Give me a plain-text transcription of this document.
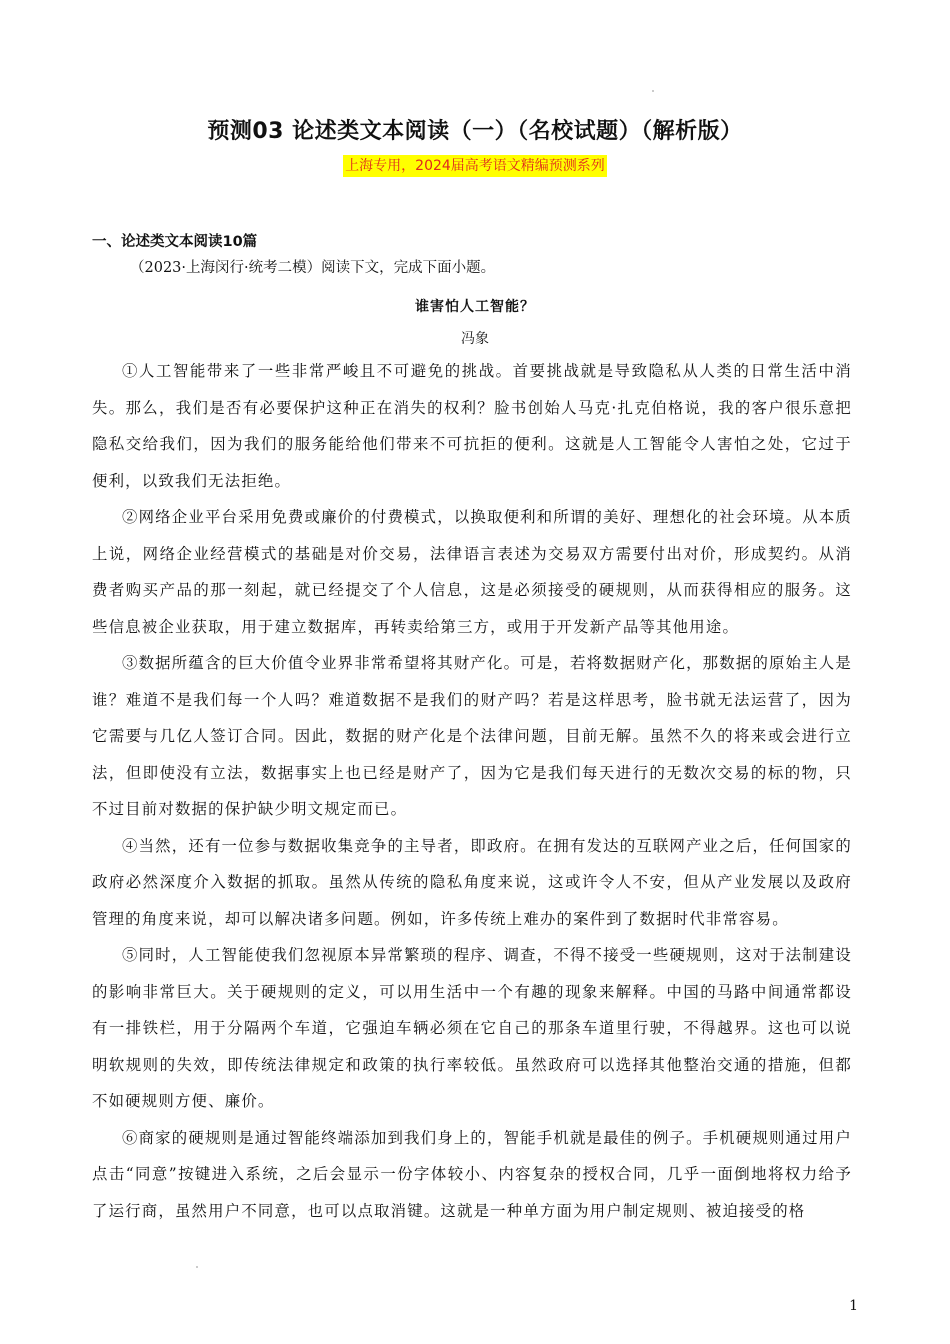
预测03 论述类文本阅读（一）（名校试题）（解析版）
上海专用，2024届高考语文精编预测系列
一、论述类文本阅读10篇
（2023·上海闵行·统考二模）阅读下文，完成下面小题。
谁害怕人工智能？
冯象

①人工智能带来了一些非常严峻且不可避免的挑战。首要挑战就是导致隐私从人类的日常生活中消失。那么，我们是否有必要保护这种正在消失的权利？脸书创始人马克·扎克伯格说，我的客户很乐意把隐私交给我们，因为我们的服务能给他们带来不可抗拒的便利。这就是人工智能令人害怕之处，它过于便利，以致我们无法拒绝。

②网络企业平台采用免费或廉价的付费模式，以换取便利和所谓的美好、理想化的社会环境。从本质上说，网络企业经营模式的基础是对价交易，法律语言表述为交易双方需要付出对价，形成契约。从消费者购买产品的那一刻起，就已经提交了个人信息，这是必须接受的硬规则，从而获得相应的服务。这些信息被企业获取，用于建立数据库，再转卖给第三方，或用于开发新产品等其他用途。

③数据所蕴含的巨大价值令业界非常希望将其财产化。可是，若将数据财产化，那数据的原始主人是谁？难道不是我们每一个人吗？难道数据不是我们的财产吗？若是这样思考，脸书就无法运营了，因为它需要与几亿人签订合同。因此，数据的财产化是个法律问题，目前无解。虽然不久的将来或会进行立法，但即使没有立法，数据事实上也已经是财产了，因为它是我们每天进行的无数次交易的标的物，只不过目前对数据的保护缺少明文规定而已。

④当然，还有一位参与数据收集竞争的主导者，即政府。在拥有发达的互联网产业之后，任何国家的政府必然深度介入数据的抓取。虽然从传统的隐私角度来说，这或许令人不安，但从产业发展以及政府管理的角度来说，却可以解决诸多问题。例如，许多传统上难办的案件到了数据时代非常容易。

⑤同时，人工智能使我们忽视原本异常繁琐的程序、调查，不得不接受一些硬规则，这对于法制建设的影响非常巨大。关于硬规则的定义，可以用生活中一个有趣的现象来解释。中国的马路中间通常都设有一排铁栏，用于分隔两个车道，它强迫车辆必须在它自己的那条车道里行驶，不得越界。这也可以说明软规则的失效，即传统法律规定和政策的执行率较低。虽然政府可以选择其他整治交通的措施，但都不如硬规则方便、廉价。

⑥商家的硬规则是通过智能终端添加到我们身上的，智能手机就是最佳的例子。手机硬规则通过用户点击“同意”按键进入系统，之后会显示一份字体较小、内容复杂的授权合同，几乎一面倒地将权力给予了运行商，虽然用户不同意，也可以点取消键。这就是一种单方面为用户制定规则、被迫接受的格

1
